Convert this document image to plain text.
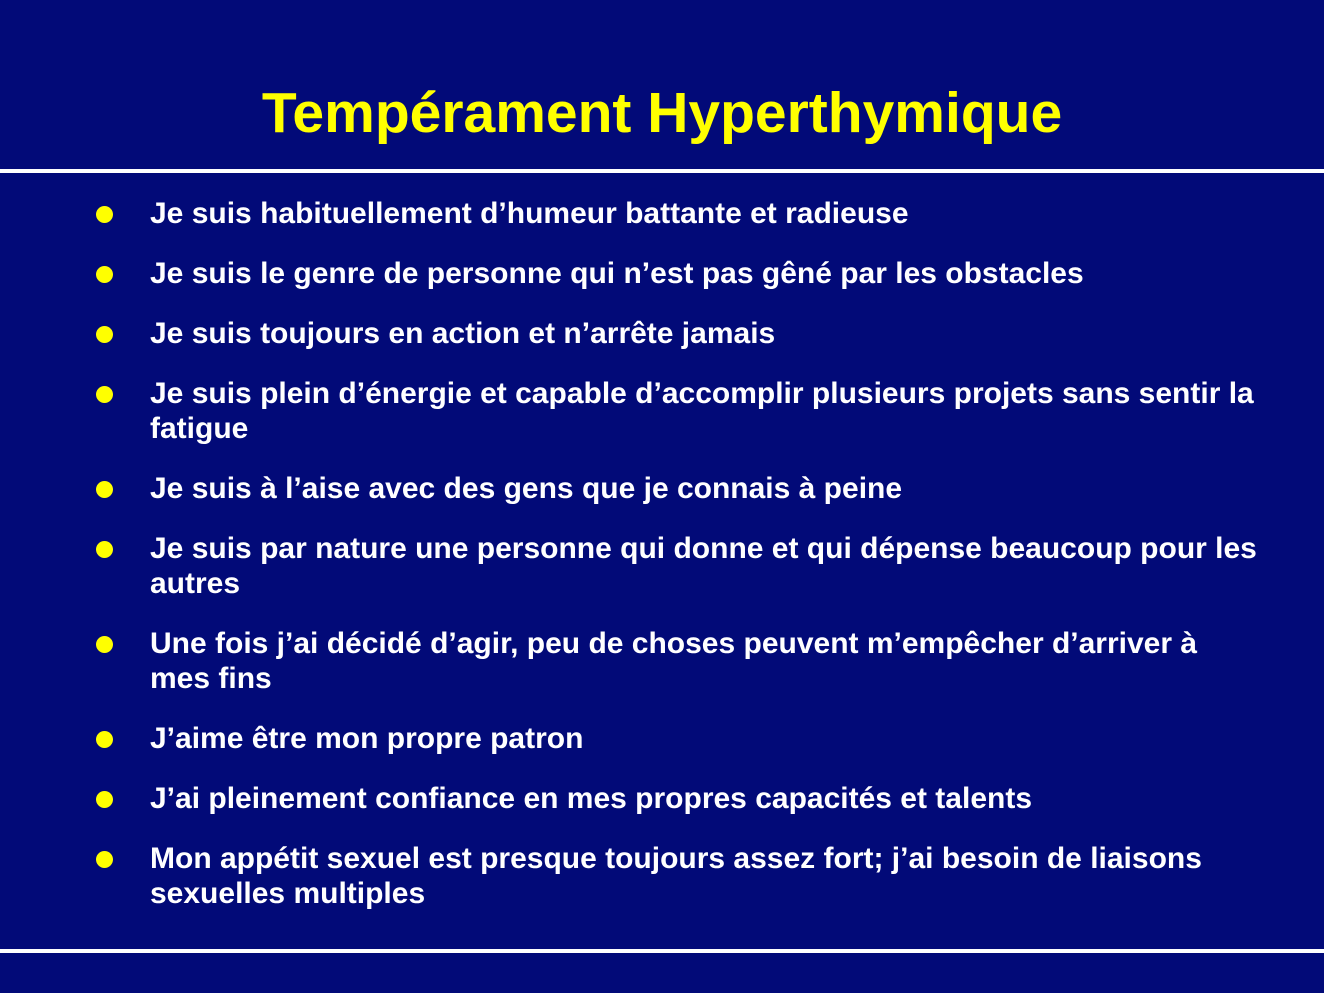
Tempérament Hyperthymique
Je suis habituellement d’humeur battante et radieuse
Je suis le genre de personne qui n’est pas gêné par les obstacles
Je suis toujours en action et n’arrête jamais
Je suis plein d’énergie et capable d’accomplir plusieurs projets sans sentir la fatigue
Je suis à l’aise avec des gens que je connais à peine
Je suis par nature une personne qui donne et qui dépense beaucoup pour les autres
Une fois j’ai décidé d’agir, peu de choses peuvent m’empêcher d’arriver à mes fins
J’aime être mon propre patron
J’ai pleinement confiance en mes propres capacités et talents
Mon appétit sexuel est presque toujours assez fort; j’ai besoin de liaisons sexuelles multiples
